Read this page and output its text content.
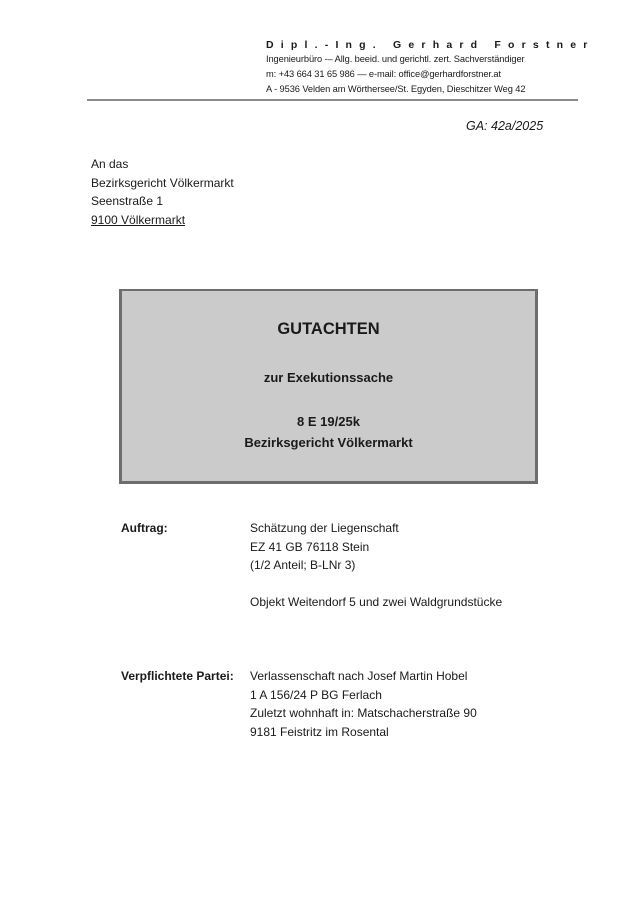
Dipl.-Ing. Gerhard Forstner
Ingenieurbüro -– Allg. beeid. und gerichtl. zert. Sachverständiger
m: +43 664 31 65 986 — e-mail: office@gerhardforstner.at
A - 9536 Velden am Wörthersee/St. Egyden, Dieschitzer Weg 42
GA: 42a/2025
An das
Bezirksgericht Völkermarkt
Seenstraße 1
9100 Völkermarkt
GUTACHTEN
zur Exekutionssache
8 E 19/25k
Bezirksgericht Völkermarkt
Auftrag:	Schätzung der Liegenschaft
EZ 41 GB 76118 Stein
(1/2 Anteil; B-LNr 3)
Objekt Weitendorf 5 und zwei Waldgrundstücke
Verpflichtete Partei: Verlassenschaft nach Josef Martin Hobel
1 A 156/24 P BG Ferlach
Zuletzt wohnhaft in: Matschacherstraße 90
9181 Feistritz im Rosental
